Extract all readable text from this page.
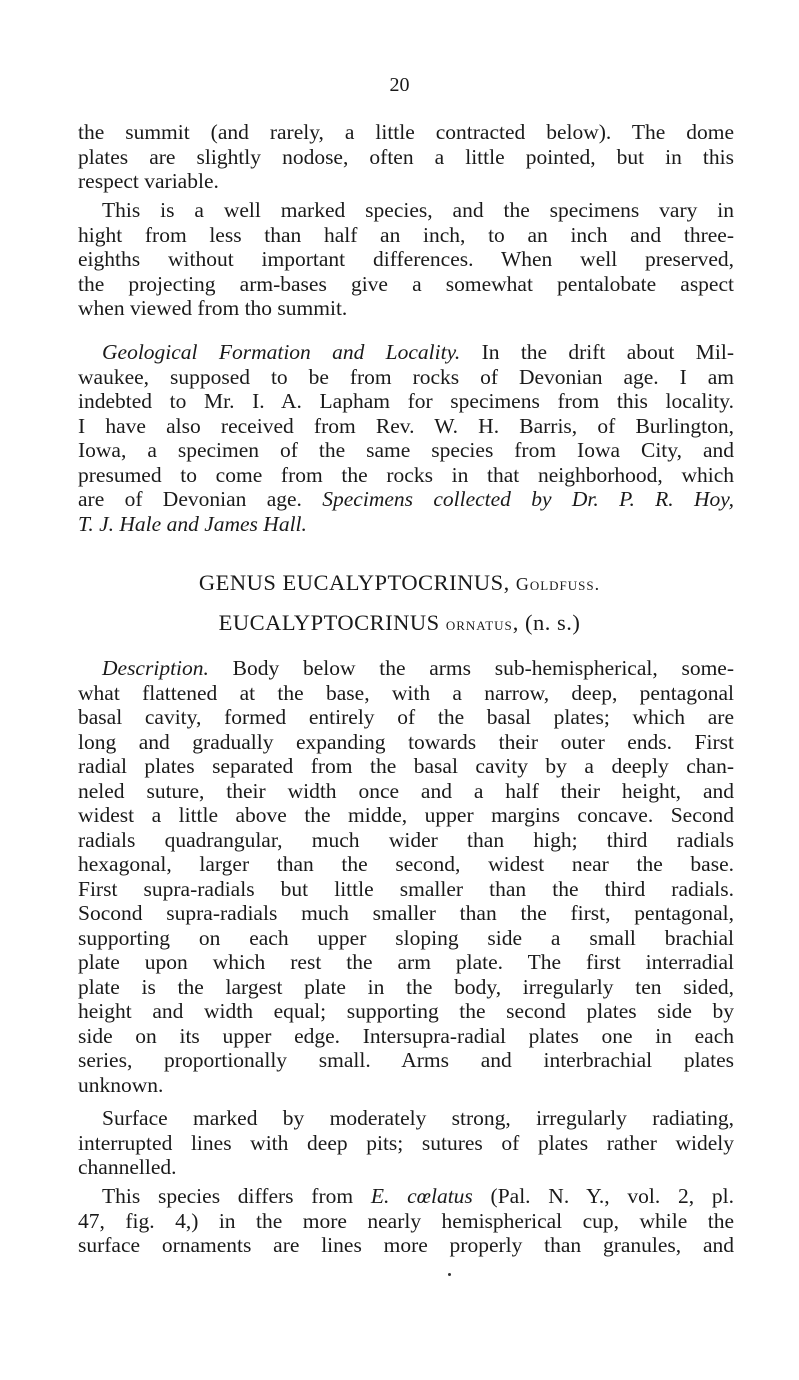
20
the summit (and rarely, a little contracted below). The dome
plates are slightly nodose, often a little pointed, but in this
respect variable.
This is a well marked species, and the specimens vary in
hight from less than half an inch, to an inch and three-
eighths without important differences. When well preserved,
the projecting arm-bases give a somewhat pentalobate aspect
when viewed from tho summit.
Geological Formation and Locality. In the drift about Mil-
waukee, supposed to be from rocks of Devonian age. I am
indebted to Mr. I. A. Lapham for specimens from this locality.
I have also received from Rev. W. H. Barris, of Burlington,
Iowa, a specimen of the same species from Iowa City, and
presumed to come from the rocks in that neighborhood, which
are of Devonian age. Specimens collected by Dr. P. R. Hoy,
T. J. Hale and James Hall.
GENUS EUCALYPTOCRINUS, Goldfuss.
EUCALYPTOCRINUS ornatus, (n. s.)
Description. Body below the arms sub-hemispherical, some-
what flattened at the base, with a narrow, deep, pentagonal
basal cavity, formed entirely of the basal plates; which are
long and gradually expanding towards their outer ends. First
radial plates separated from the basal cavity by a deeply chan-
neled suture, their width once and a half their height, and
widest a little above the midde, upper margins concave. Second
radials quadrangular, much wider than high; third radials
hexagonal, larger than the second, widest near the base.
First supra-radials but little smaller than the third radials.
Socond supra-radials much smaller than the first, pentagonal,
supporting on each upper sloping side a small brachial
plate upon which rest the arm plate. The first interradial
plate is the largest plate in the body, irregularly ten sided,
height and width equal; supporting the second plates side by
side on its upper edge. Intersupra-radial plates one in each
series, proportionally small. Arms and interbrachial plates
unknown.
Surface marked by moderately strong, irregularly radiating,
interrupted lines with deep pits; sutures of plates rather widely
channelled.
This species differs from E. cœlatus (Pal. N. Y., vol. 2, pl.
47, fig. 4,) in the more nearly hemispherical cup, while the
surface ornaments are lines more properly than granules, and
